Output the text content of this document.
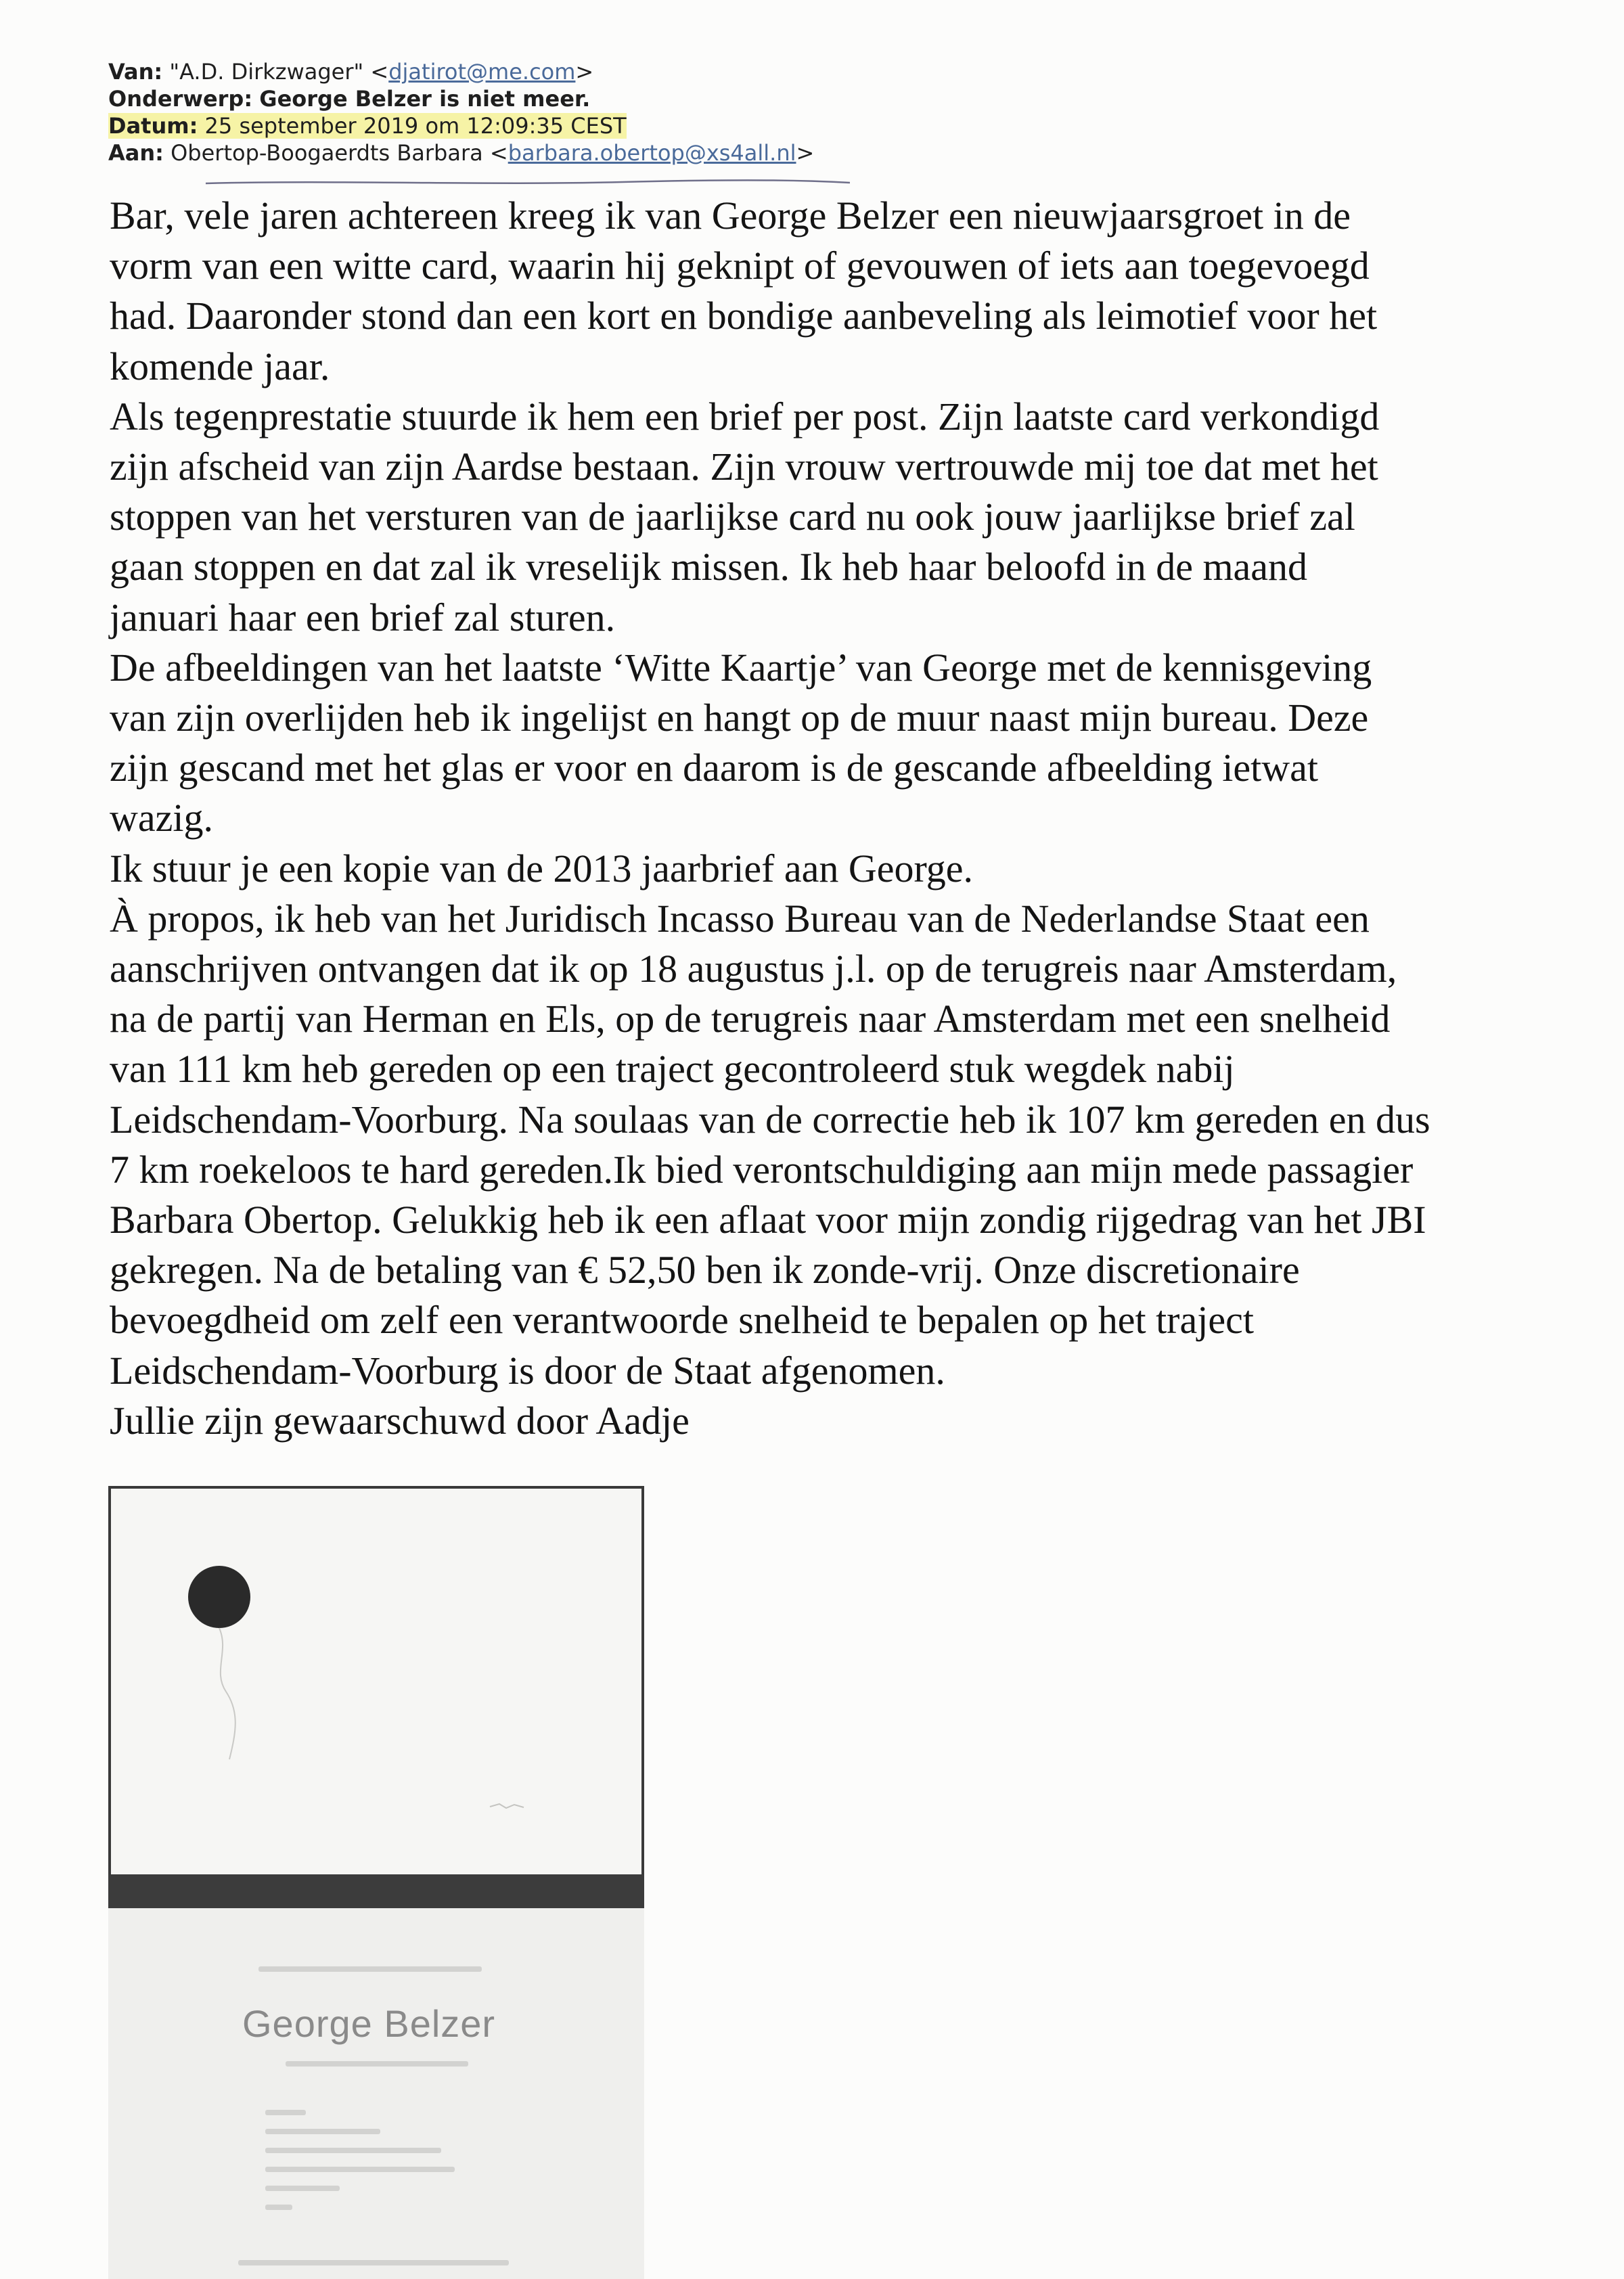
Van: "A.D. Dirkzwager" <djatirot@me.com>
Onderwerp: George Belzer is niet meer.
Datum: 25 september 2019 om 12:09:35 CEST
Aan: Obertop-Boogaerdts Barbara <barbara.obertop@xs4all.nl>
Bar, vele jaren achtereen kreeg ik van George Belzer een nieuwjaarsgroet in de
vorm van een witte card, waarin hij geknipt of gevouwen of iets aan toegevoegd
had. Daaronder stond dan een kort en bondige aanbeveling als leimotief voor het
komende jaar.
Als tegenprestatie stuurde ik hem een brief per post. Zijn laatste card verkondigd
zijn afscheid van zijn Aardse bestaan. Zijn vrouw vertrouwde mij toe dat met het
stoppen van het versturen van de jaarlijkse card nu ook jouw jaarlijkse brief zal
gaan stoppen en dat zal ik vreselijk missen. Ik heb haar beloofd in de maand
januari haar een brief zal sturen.
De afbeeldingen van het laatste ‘Witte Kaartje’ van George met de kennisgeving
van zijn overlijden heb ik ingelijst en hangt op de muur naast mijn bureau. Deze
zijn gescand met het glas er voor en daarom is de gescande afbeelding ietwat
wazig.
Ik stuur je een kopie van de 2013 jaarbrief aan George.
À propos, ik heb van het Juridisch Incasso Bureau van de Nederlandse Staat een
aanschrijven ontvangen dat ik op 18 augustus j.l. op de terugreis naar Amsterdam,
na de partij van Herman en Els, op de terugreis naar Amsterdam met een snelheid
van 111 km heb gereden op een traject gecontroleerd stuk wegdek nabij
Leidschendam-Voorburg. Na soulaas van de correctie heb ik 107 km gereden en dus
7 km roekeloos te hard gereden.Ik bied verontschuldiging aan mijn mede passagier
Barbara Obertop. Gelukkig heb ik een aflaat voor mijn zondig rijgedrag van het JBI
gekregen. Na de betaling van € 52,50 ben ik zonde-vrij. Onze discretionaire
bevoegdheid om zelf een verantwoorde snelheid te bepalen op het traject
Leidschendam-Voorburg is door de Staat afgenomen.
Jullie zijn gewaarschuwd door Aadje
George Belzer
